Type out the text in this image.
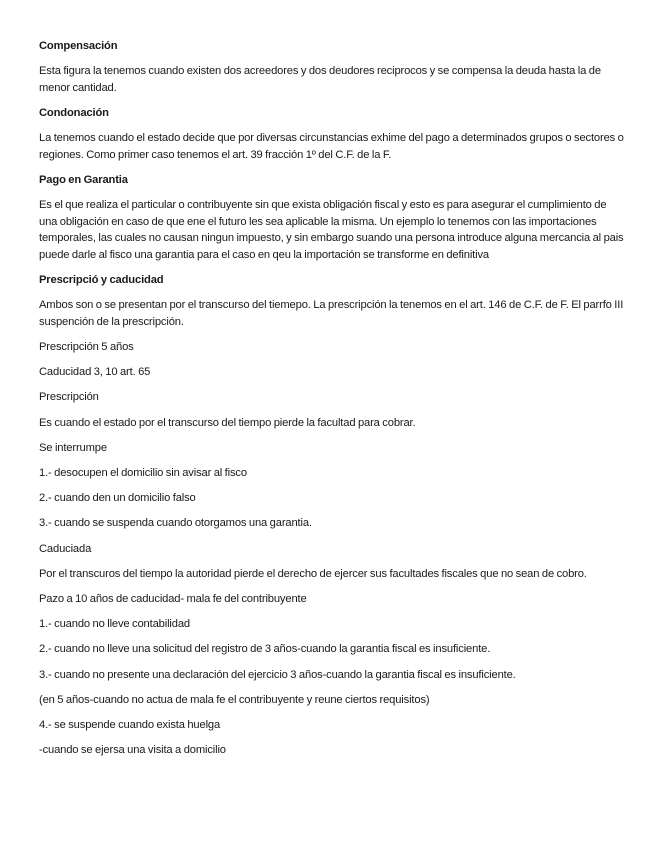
Compensación
Esta figura la tenemos cuando existen dos acreedores y dos deudores reciprocos y se compensa la deuda hasta la de menor cantidad.
Condonación
La tenemos cuando el estado decide que por diversas circunstancias exhime del pago a determinados grupos o sectores o regiones. Como primer caso tenemos el art. 39 fracción 1º del C.F. de la F.
Pago en Garantia
Es el que realiza el particular o contribuyente sin que exista obligación fiscal y esto es para asegurar el cumplimiento de una obligación en caso de que ene el futuro les sea aplicable la misma. Un ejemplo lo tenemos con las importaciones temporales, las cuales no causan ningun impuesto, y sin embargo suando una persona introduce alguna mercancia al pais puede darle al fisco una garantia para el caso en qeu la importación se transforme en definitiva
Prescripció y caducidad
Ambos son o se presentan por el transcurso del tiemepo. La prescripción la tenemos en el art. 146 de C.F. de F. El parrfo III suspención de la prescripción.
Prescripción 5 años
Caducidad 3, 10 art. 65
Prescripción
Es cuando el estado por el transcurso del tiempo pierde la facultad para cobrar.
Se interrumpe
1.- desocupen el domicilio sin avisar al fisco
2.- cuando den un domicilio falso
3.- cuando se suspenda cuando otorgamos una garantia.
Caduciada
Por el transcuros del tiempo la autoridad pierde el derecho de ejercer sus facultades fiscales que no sean de cobro.
Pazo a 10 años de caducidad- mala fe del contribuyente
1.- cuando no lleve contabilidad
2.- cuando no lleve una solicitud del registro de 3 años-cuando la garantia fiscal es insuficiente.
3.- cuando no presente una declaración del ejercicio 3 años-cuando la garantia fiscal es insuficiente.
(en 5 años-cuando no actua de mala fe el contribuyente y reune ciertos requisitos)
4.- se suspende cuando exista huelga
-cuando se ejersa una visita a domicilio
